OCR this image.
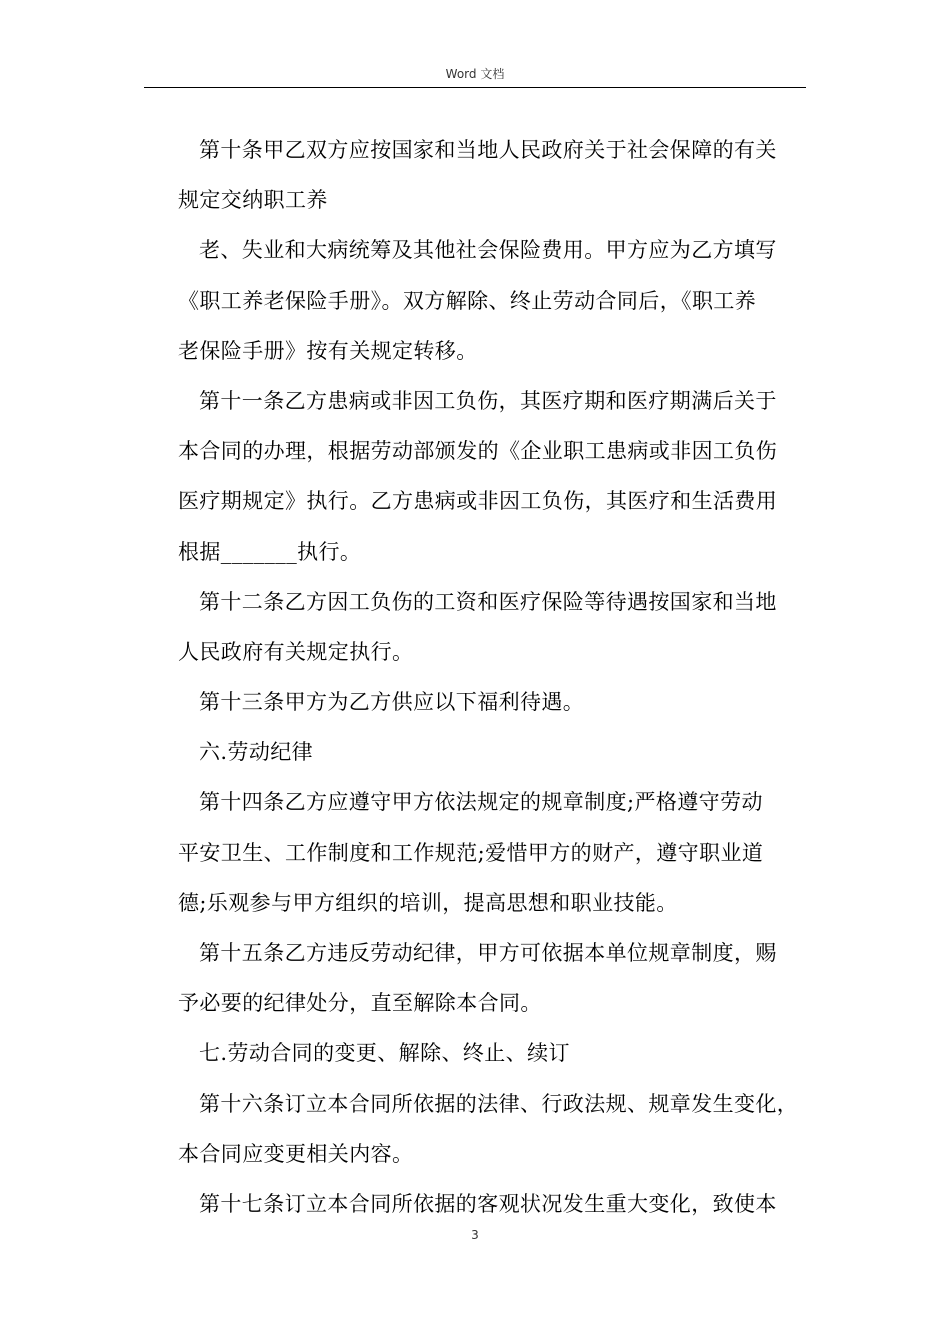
Word 文档
第十条甲乙双方应按国家和当地人民政府关于社会保障的有关
规定交纳职工养
老、失业和大病统筹及其他社会保险费用。甲方应为乙方填写
《职工养老保险手册》。双方解除、终止劳动合同后，《职工养
老保险手册》按有关规定转移。
第十一条乙方患病或非因工负伤，其医疗期和医疗期满后关于
本合同的办理，根据劳动部颁发的《企业职工患病或非因工负伤
医疗期规定》执行。乙方患病或非因工负伤，其医疗和生活费用
根据_______执行。
第十二条乙方因工负伤的工资和医疗保险等待遇按国家和当地
人民政府有关规定执行。
第十三条甲方为乙方供应以下福利待遇。
六.劳动纪律
第十四条乙方应遵守甲方依法规定的规章制度;严格遵守劳动
平安卫生、工作制度和工作规范;爱惜甲方的财产，遵守职业道
德;乐观参与甲方组织的培训，提高思想和职业技能。
第十五条乙方违反劳动纪律，甲方可依据本单位规章制度，赐
予必要的纪律处分，直至解除本合同。
七.劳动合同的变更、解除、终止、续订
第十六条订立本合同所依据的法律、行政法规、规章发生变化，
本合同应变更相关内容。
第十七条订立本合同所依据的客观状况发生重大变化，致使本
3
